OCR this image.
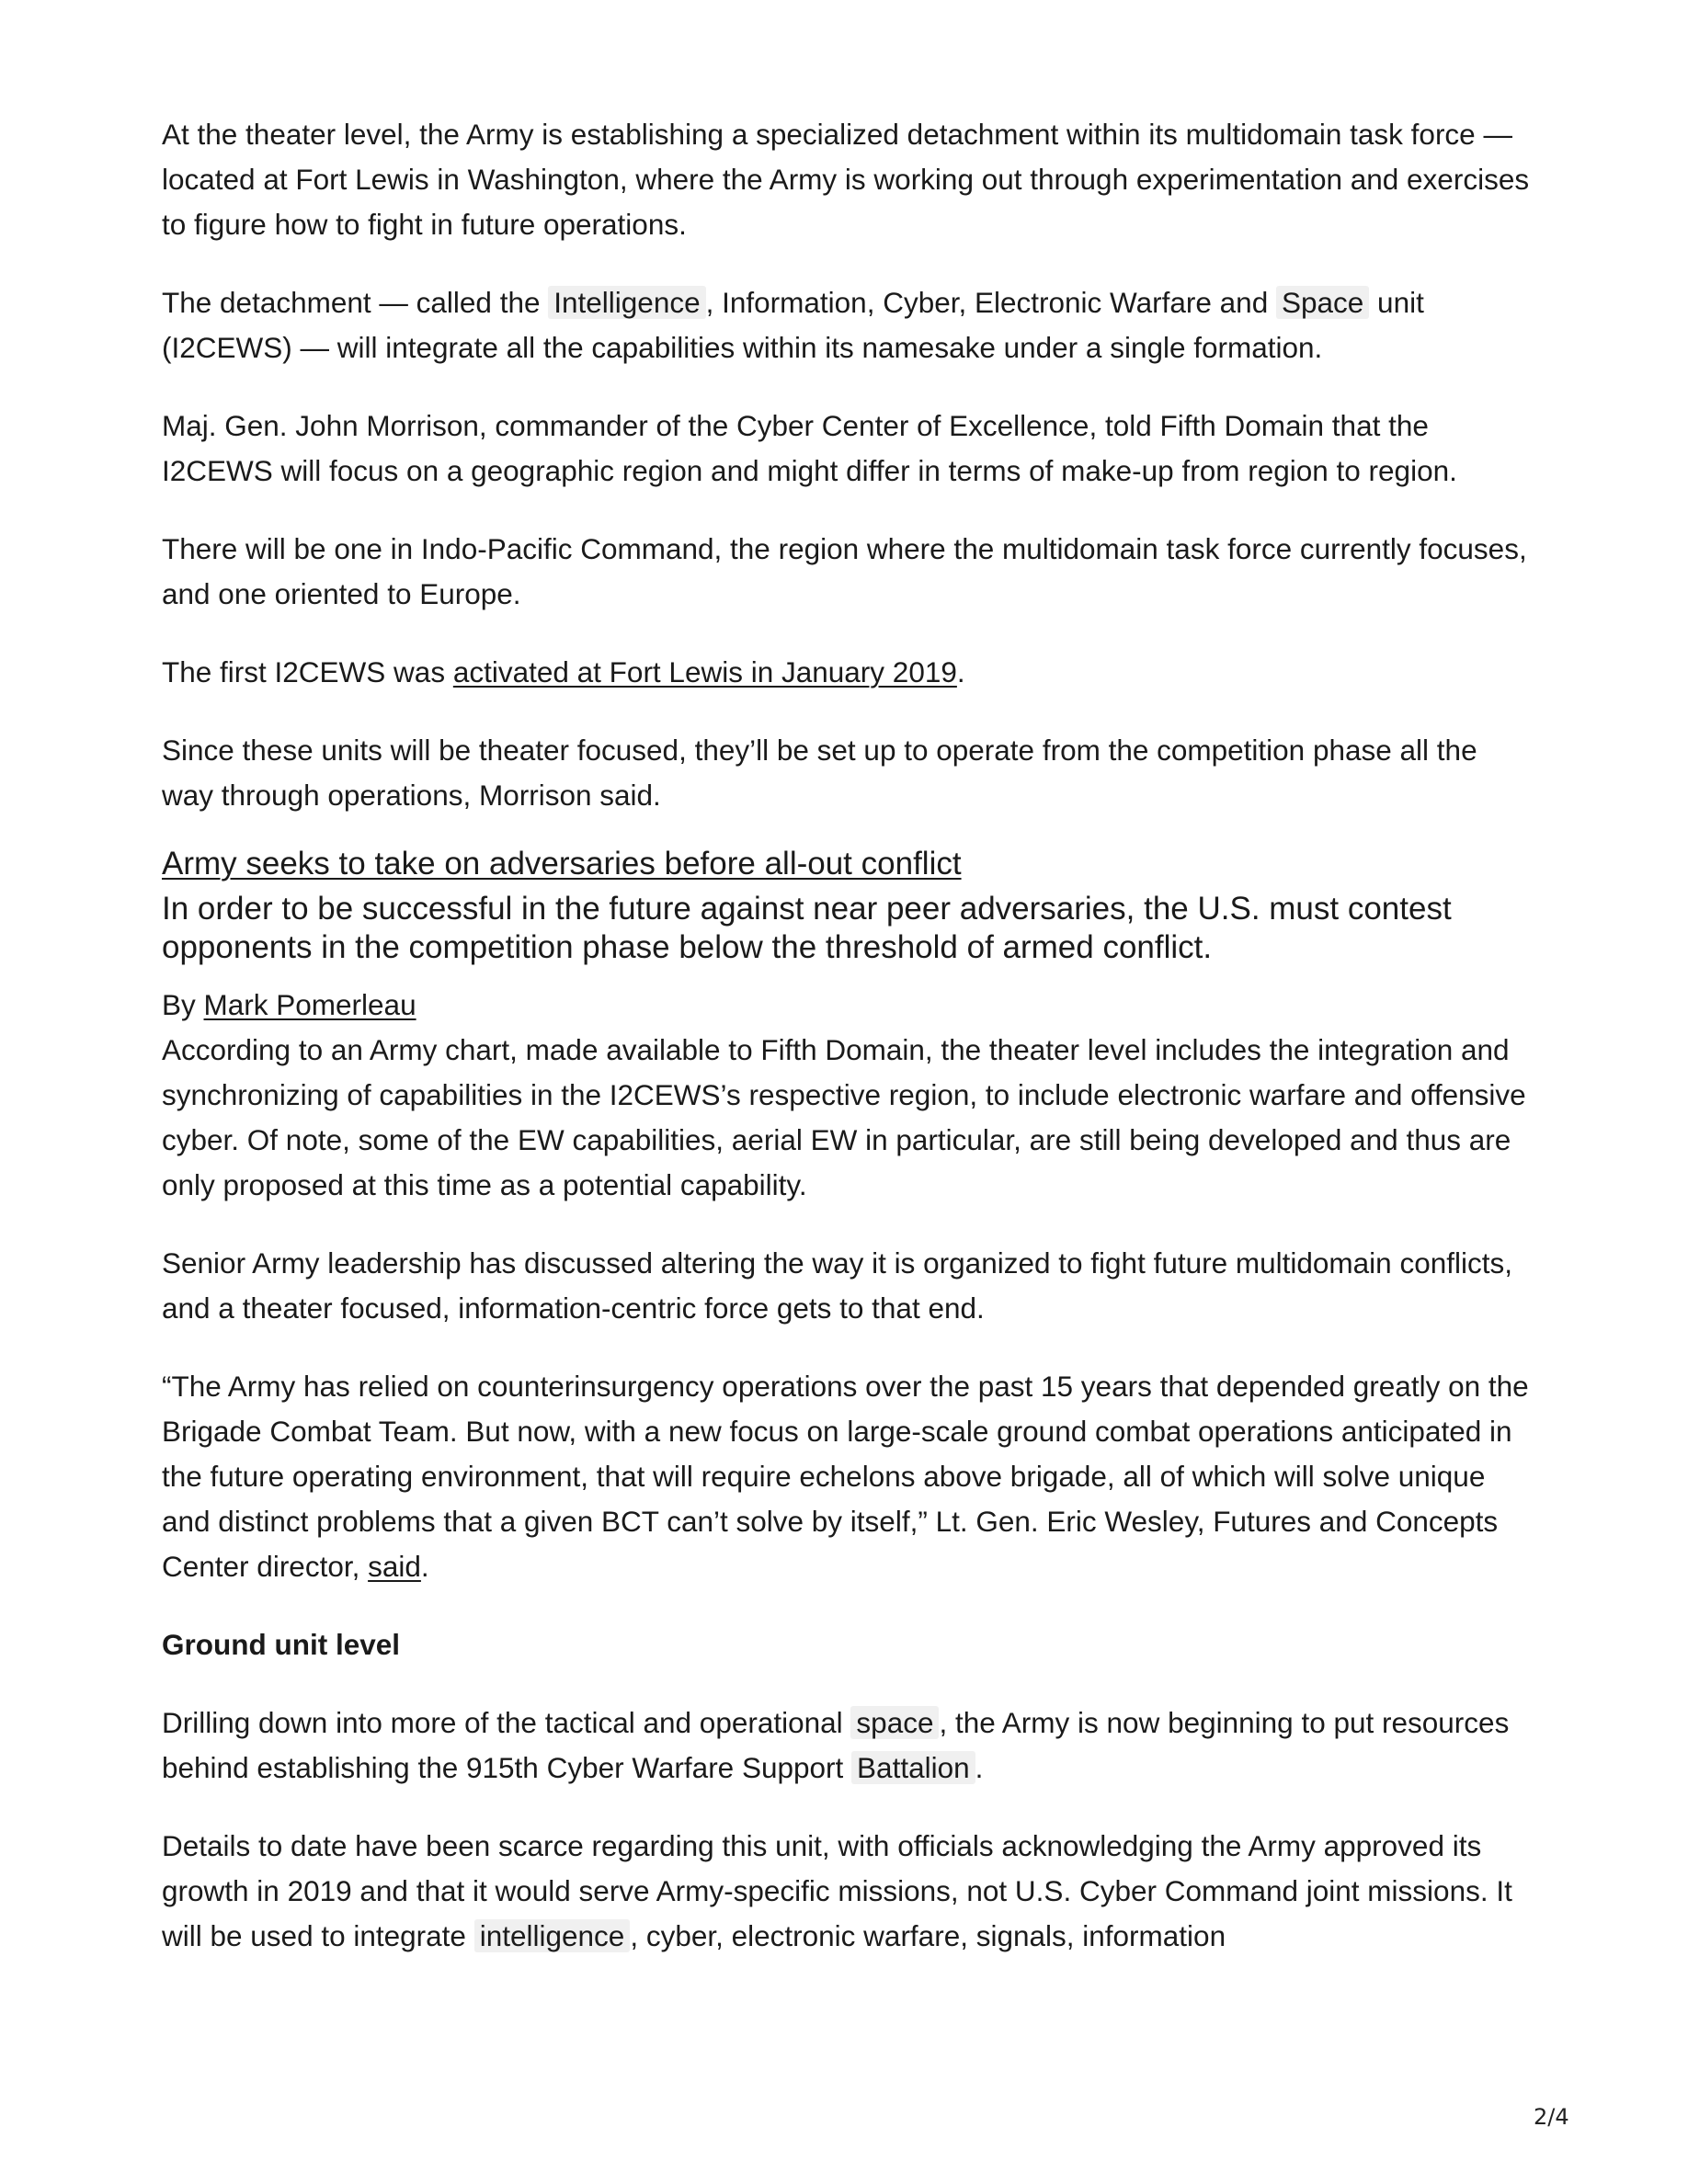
At the theater level, the Army is establishing a specialized detachment within its multidomain task force — located at Fort Lewis in Washington, where the Army is working out through experimentation and exercises to figure how to fight in future operations.

The detachment — called the Intelligence , Information, Cyber, Electronic Warfare and Space unit (I2CEWS) — will integrate all the capabilities within its namesake under a single formation.

Maj. Gen. John Morrison, commander of the Cyber Center of Excellence, told Fifth Domain that the I2CEWS will focus on a geographic region and might differ in terms of make-up from region to region.

There will be one in Indo-Pacific Command, the region where the multidomain task force currently focuses, and one oriented to Europe.

The first I2CEWS was activated at Fort Lewis in January 2019.

Since these units will be theater focused, they’ll be set up to operate from the competition phase all the way through operations, Morrison said.

Army seeks to take on adversaries before all-out conflict

In order to be successful in the future against near peer adversaries, the U.S. must contest opponents in the competition phase below the threshold of armed conflict.

By Mark Pomerleau

According to an Army chart, made available to Fifth Domain, the theater level includes the integration and synchronizing of capabilities in the I2CEWS’s respective region, to include electronic warfare and offensive cyber. Of note, some of the EW capabilities, aerial EW in particular, are still being developed and thus are only proposed at this time as a potential capability.

Senior Army leadership has discussed altering the way it is organized to fight future multidomain conflicts, and a theater focused, information-centric force gets to that end.

“The Army has relied on counterinsurgency operations over the past 15 years that depended greatly on the Brigade Combat Team. But now, with a new focus on large-scale ground combat operations anticipated in the future operating environment, that will require echelons above brigade, all of which will solve unique and distinct problems that a given BCT can’t solve by itself,” Lt. Gen. Eric Wesley, Futures and Concepts Center director, said.

Ground unit level

Drilling down into more of the tactical and operational space , the Army is now beginning to put resources behind establishing the 915th Cyber Warfare Support Battalion .

Details to date have been scarce regarding this unit, with officials acknowledging the Army approved its growth in 2019 and that it would serve Army-specific missions, not U.S. Cyber Command joint missions. It will be used to integrate intelligence , cyber, electronic warfare, signals, information

2/4
